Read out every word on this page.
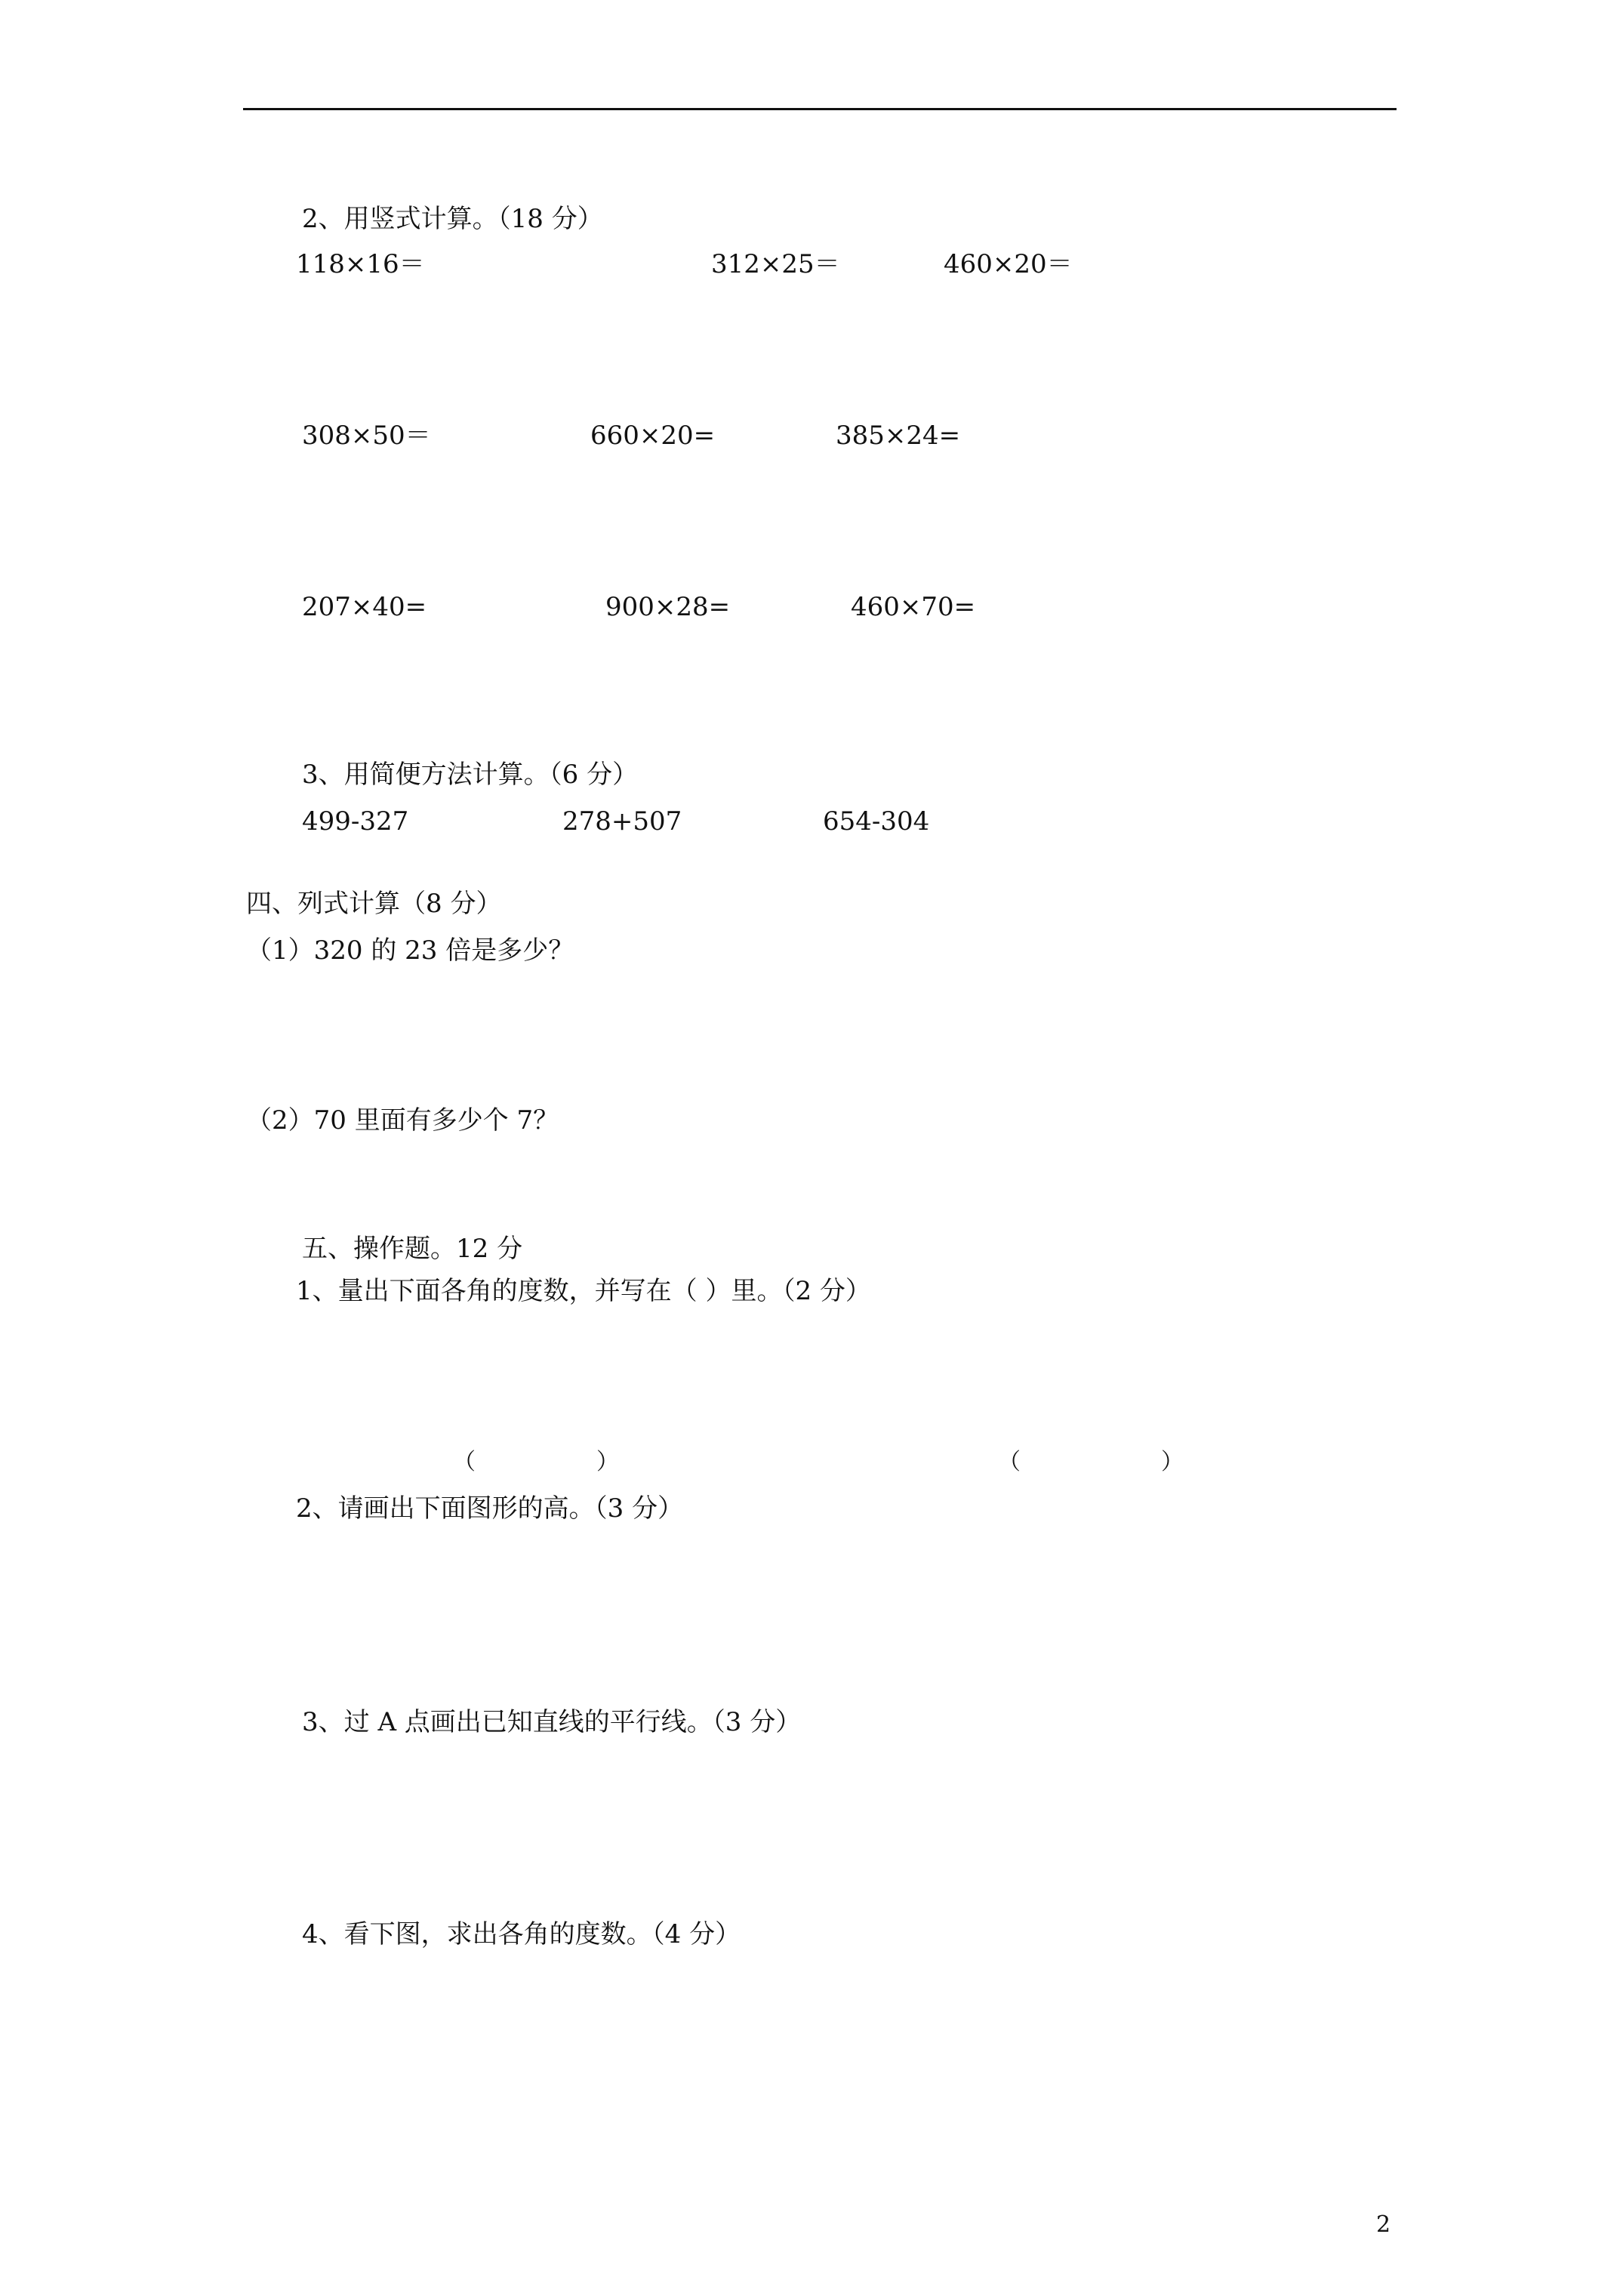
2、用竖式计算。（18 分）
118×16＝	312×25＝	460×20＝
308×50＝	660×20=	385×24=
207×40=	900×28=	460×70=
3、用简便方法计算。（6 分）
499-327	278+507	654-304
四、列式计算（8 分）
（1）320 的 23 倍是多少？
（2）70 里面有多少个 7？
五、操作题。12 分
1、量出下面各角的度数，并写在（ ）里。（2 分）
（	）	（	）
2、请画出下面图形的高。（3 分）
3、过 A 点画出已知直线的平行线。（3 分）
4、看下图，求出各角的度数。（4 分）
2
